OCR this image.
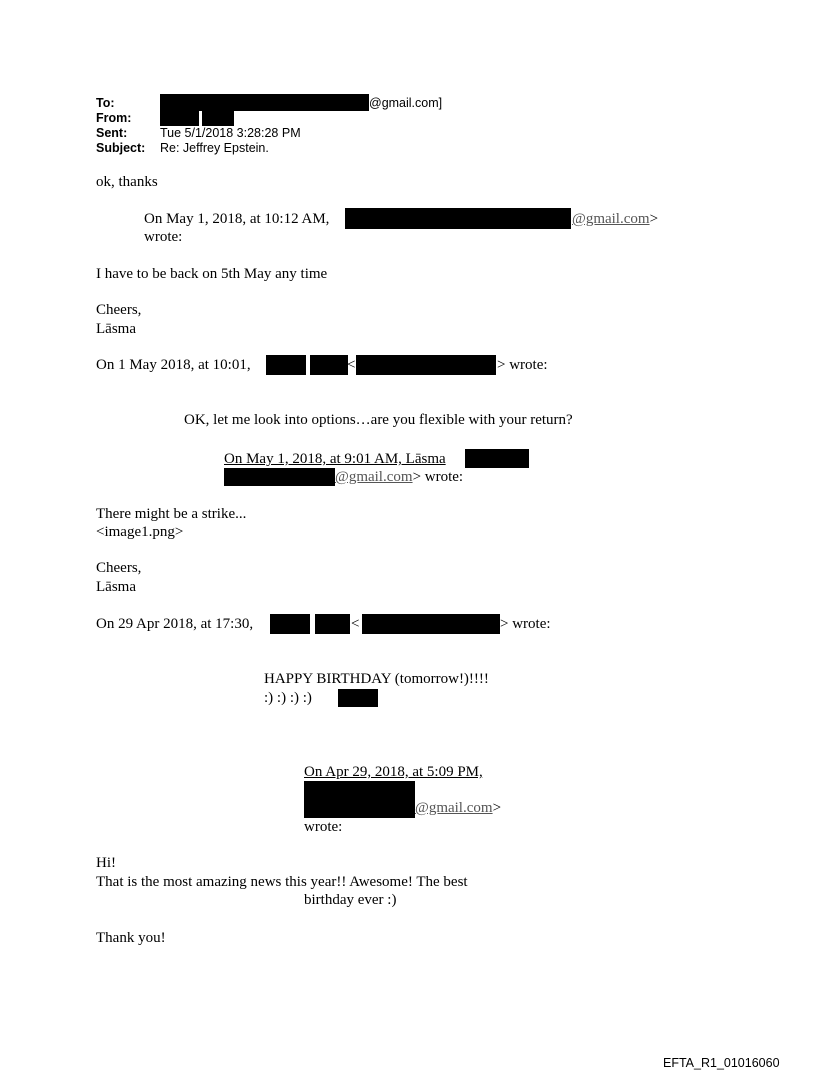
To:	@gmail.com]
From:
Sent:	Tue 5/1/2018 3:28:28 PM
Subject: Re: Jeffrey Epstein.
ok, thanks
On May 1, 2018, at 10:12 AM,	@gmail.com>
wrote:
I have to be back on 5th May any time
Cheers,
Lāsma
On 1 May 2018, at 10:01,	<	> wrote:
OK, let me look into options…are you flexible with your return?
On May 1, 2018, at 9:01 AM, Lāsma
@gmail.com> wrote:
There might be a strike...
<image1.png>
Cheers,
Lāsma
On 29 Apr 2018, at 17:30,	<	> wrote:
HAPPY BIRTHDAY (tomorrow!)!!!!
:) :) :) :)
On Apr 29, 2018, at 5:09 PM,
@gmail.com>
wrote:
Hi!
That is the most amazing news this year!! Awesome! The best
birthday ever :)
Thank you!
EFTA_R1_01016060
